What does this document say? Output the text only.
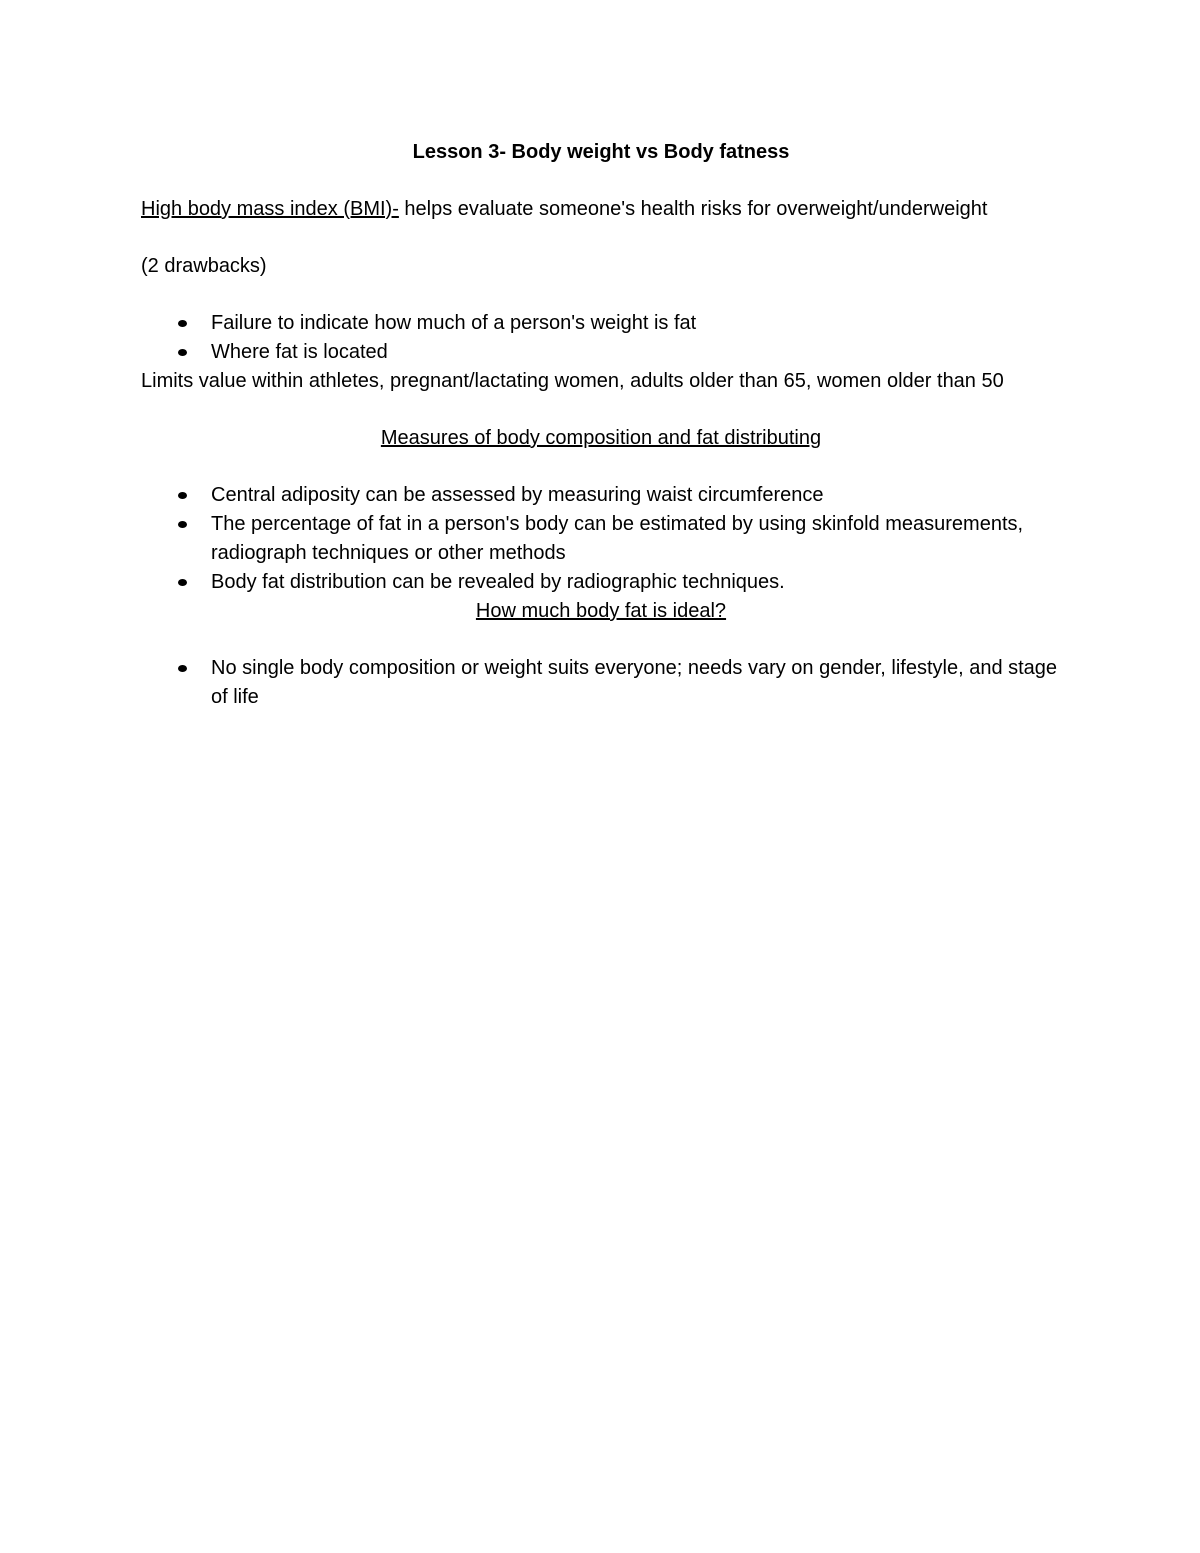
Lesson 3- Body weight vs Body fatness

High body mass index (BMI)- helps evaluate someone's health risks for overweight/underweight

(2 drawbacks)

Failure to indicate how much of a person's weight is fat
Where fat is located

Limits value within athletes, pregnant/lactating women, adults older than 65, women older than 50

Measures of body composition and fat distributing

Central adiposity can be assessed by measuring waist circumference
The percentage of fat in a person's body can be estimated by using skinfold measurements, radiograph techniques or other methods
Body fat distribution can be revealed by radiographic techniques.

How much body fat is ideal?

No single body composition or weight suits everyone; needs vary on gender, lifestyle, and stage of life
